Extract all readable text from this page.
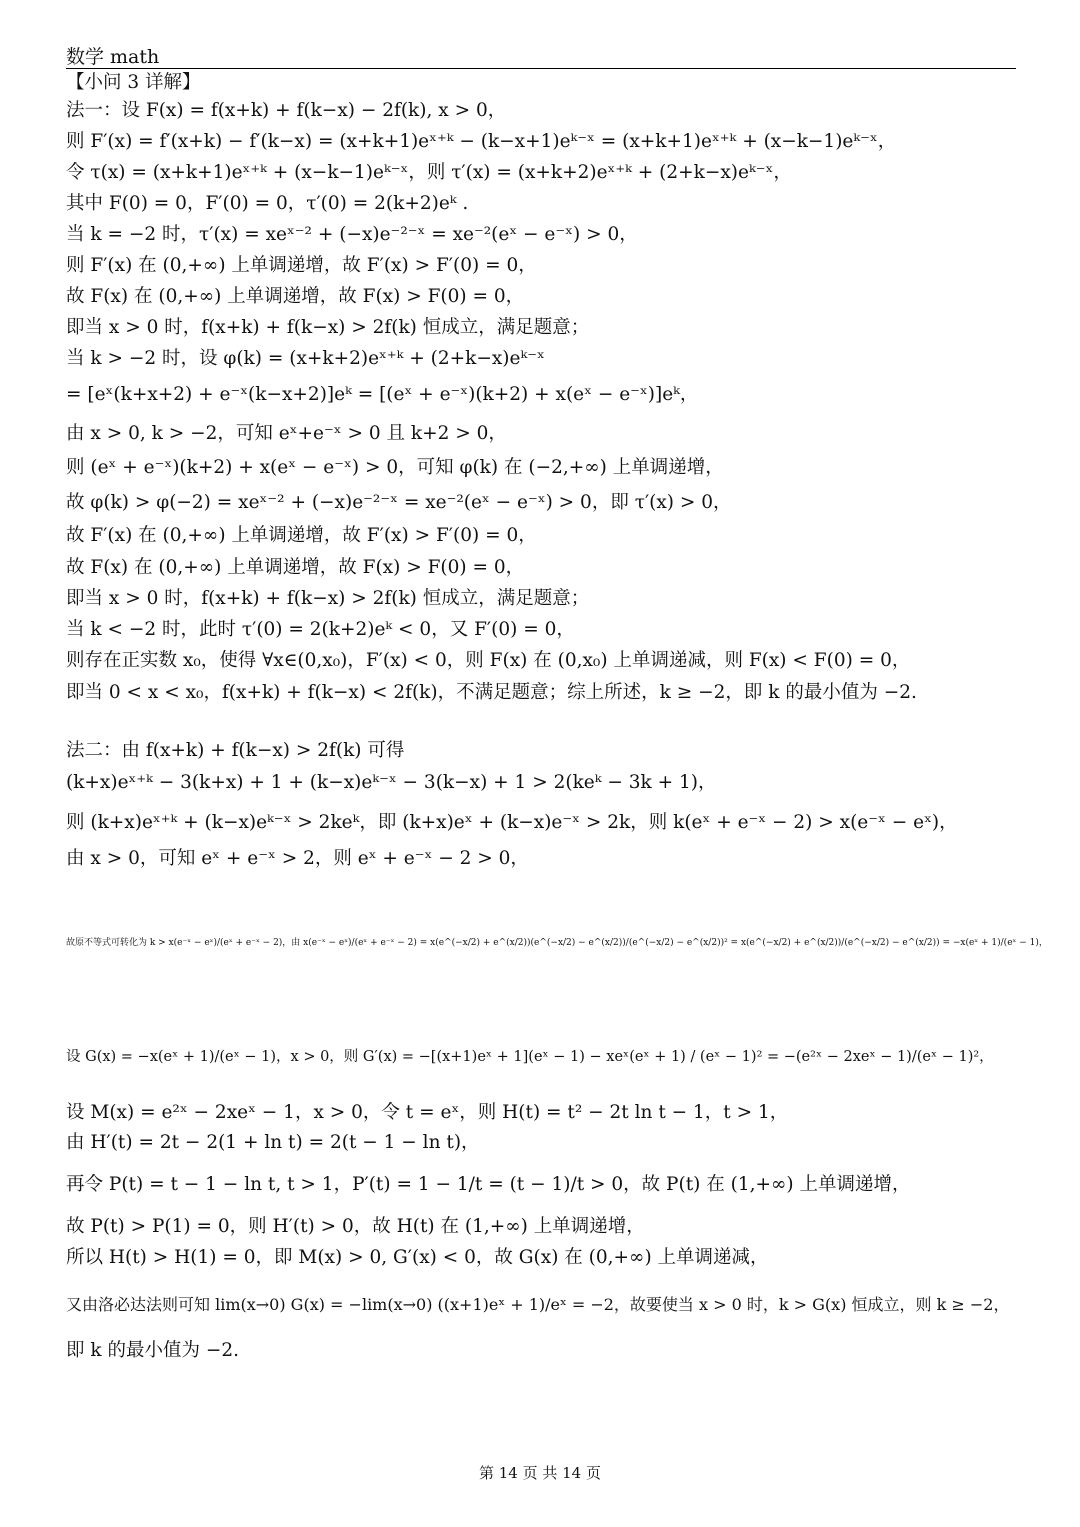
数学 math
【小问 3 详解】
法一：设 F(x) = f(x+k) + f(k−x) − 2f(k), x > 0，
则 F′(x) = f′(x+k) − f′(k−x) = (x+k+1)eˣ⁺ᵏ − (k−x+1)eᵏ⁻ˣ = (x+k+1)eˣ⁺ᵏ + (x−k−1)eᵏ⁻ˣ，
令 τ(x) = (x+k+1)eˣ⁺ᵏ + (x−k−1)eᵏ⁻ˣ，则 τ′(x) = (x+k+2)eˣ⁺ᵏ + (2+k−x)eᵏ⁻ˣ，
其中 F(0) = 0，F′(0) = 0，τ′(0) = 2(k+2)eᵏ .
当 k = −2 时，τ′(x) = xeˣ⁻² + (−x)e⁻²⁻ˣ = xe⁻²(eˣ − e⁻ˣ) > 0，
则 F′(x) 在 (0,+∞) 上单调递增，故 F′(x) > F′(0) = 0，
故 F(x) 在 (0,+∞) 上单调递增，故 F(x) > F(0) = 0，
即当 x > 0 时，f(x+k) + f(k−x) > 2f(k) 恒成立，满足题意；
当 k > −2 时，设 φ(k) = (x+k+2)eˣ⁺ᵏ + (2+k−x)eᵏ⁻ˣ
= [eˣ(k+x+2) + e⁻ˣ(k−x+2)]eᵏ = [(eˣ + e⁻ˣ)(k+2) + x(eˣ − e⁻ˣ)]eᵏ，
由 x > 0, k > −2，可知 eˣ+e⁻ˣ > 0 且 k+2 > 0，
则 (eˣ + e⁻ˣ)(k+2) + x(eˣ − e⁻ˣ) > 0，可知 φ(k) 在 (−2,+∞) 上单调递增，
故 φ(k) > φ(−2) = xeˣ⁻² + (−x)e⁻²⁻ˣ = xe⁻²(eˣ − e⁻ˣ) > 0，即 τ′(x) > 0，
故 F′(x) 在 (0,+∞) 上单调递增，故 F′(x) > F′(0) = 0，
故 F(x) 在 (0,+∞) 上单调递增，故 F(x) > F(0) = 0，
即当 x > 0 时，f(x+k) + f(k−x) > 2f(k) 恒成立，满足题意；
当 k < −2 时，此时 τ′(0) = 2(k+2)eᵏ < 0，又 F′(0) = 0，
则存在正实数 x₀，使得 ∀x∈(0,x₀)，F′(x) < 0，则 F(x) 在 (0,x₀) 上单调递减，则 F(x) < F(0) = 0，
即当 0 < x < x₀，f(x+k) + f(k−x) < 2f(k)，不满足题意；综上所述，k ≥ −2，即 k 的最小值为 −2.
法二：由 f(x+k) + f(k−x) > 2f(k) 可得
(k+x)eˣ⁺ᵏ − 3(k+x) + 1 + (k−x)eᵏ⁻ˣ − 3(k−x) + 1 > 2(keᵏ − 3k + 1)，
则 (k+x)eˣ⁺ᵏ + (k−x)eᵏ⁻ˣ > 2keᵏ，即 (k+x)eˣ + (k−x)e⁻ˣ > 2k，则 k(eˣ + e⁻ˣ − 2) > x(e⁻ˣ − eˣ)，
由 x > 0，可知 eˣ + e⁻ˣ > 2，则 eˣ + e⁻ˣ − 2 > 0，
故原不等式可转化为 k > x(e⁻ˣ − eˣ)/(eˣ + e⁻ˣ − 2)，由 x(e⁻ˣ − eˣ)/(eˣ + e⁻ˣ − 2) = x(e^(−x/2) + e^(x/2))(e^(−x/2) − e^(x/2))/(e^(−x/2) − e^(x/2))² = x(e^(−x/2) + e^(x/2))/(e^(−x/2) − e^(x/2)) = −x(eˣ + 1)/(eˣ − 1)，
设 G(x) = −x(eˣ + 1)/(eˣ − 1)，x > 0，则 G′(x) = −[(x+1)eˣ + 1](eˣ − 1) − xeˣ(eˣ + 1) / (eˣ − 1)² = −(e²ˣ − 2xeˣ − 1)/(eˣ − 1)²，
设 M(x) = e²ˣ − 2xeˣ − 1，x > 0，令 t = eˣ，则 H(t) = t² − 2t ln t − 1，t > 1，
由 H′(t) = 2t − 2(1 + ln t) = 2(t − 1 − ln t)，
再令 P(t) = t − 1 − ln t, t > 1，P′(t) = 1 − 1/t = (t − 1)/t > 0，故 P(t) 在 (1,+∞) 上单调递增，
故 P(t) > P(1) = 0，则 H′(t) > 0，故 H(t) 在 (1,+∞) 上单调递增，
所以 H(t) > H(1) = 0，即 M(x) > 0, G′(x) < 0，故 G(x) 在 (0,+∞) 上单调递减，
又由洛必达法则可知 lim(x→0) G(x) = −lim(x→0) ((x+1)eˣ + 1)/eˣ = −2，故要使当 x > 0 时，k > G(x) 恒成立，则 k ≥ −2，
即 k 的最小值为 −2.
第 14 页 共 14 页
